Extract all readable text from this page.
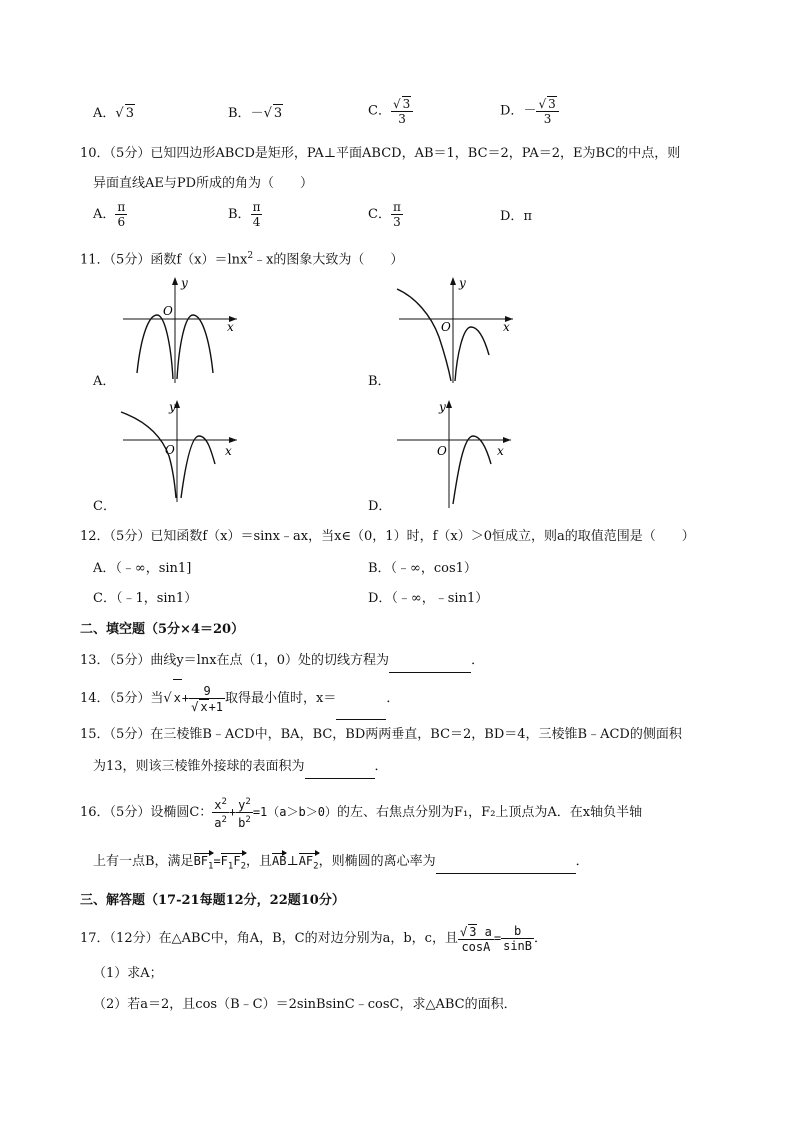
A．√ 3	B．－√ 3	C． $\frac{√ 3}{3}$	D．－ $\frac{√ 3}{3}$
10．（5分）已知四边形ABCD是矩形，PA⊥平面ABCD，AB＝1，BC＝2，PA＝2，E为BC的中点，则
异面直线AE与PD所成的角为（　　）
A． $\frac{\pi}{6}$	B． $\frac{\pi}{4}$	C． $\frac{\pi}{3}$	D．π
11．（5分）函数f（x）＝lnx$^2$﹣x的图象大致为（　　）
y
x
O
A．
y
x
O
B．
y
x
O
C．
y
x
O
D．
12．（5分）已知函数f（x）＝sinx﹣ax，当x∈（0，1）时，f（x）＞0恒成立，则a的取值范围是（　　）
A．（﹣∞，sin1]	B．（﹣∞，cos1）
C．（﹣1，sin1）	D．（﹣∞，﹣sin1）
二、填空题（5分×4＝20）
13．（5分）曲线y＝lnx在点（1，0）处的切线方程为	．
14．（5分）当√ $x+ \frac{9}{√ x+1}$ 取得最小值时，x＝	．
15．（5分）在三棱锥B﹣ACD中，BA，BC，BD两两垂直，BC＝2，BD＝4，三棱锥B﹣ACD的侧面积
为13，则该三棱锥外接球的表面积为	．
16．（5分）设椭圆C： $\frac{x^2}{a^2} + \frac{y^2}{b^2} =1(a>b>0)$的左、右焦点分别为F₁，F₂上顶点为A．在x轴负半轴
上有一点B，满足$BF_1=F_1F_2$，且$AB\perp AF_2$，则椭圆的离心率为	．
三、解答题（17-21每题12分，22题10分）
17．（12分）在△ABC中，角A，B，C的对边分别为a，b，c，且 $\frac{√ 3 a}{\cos A} = \frac{b}{\sin B}$ ．
（1）求A；
（2）若a＝2，且cos（B﹣C）＝2sinBsinC﹣cosC，求△ABC的面积．
